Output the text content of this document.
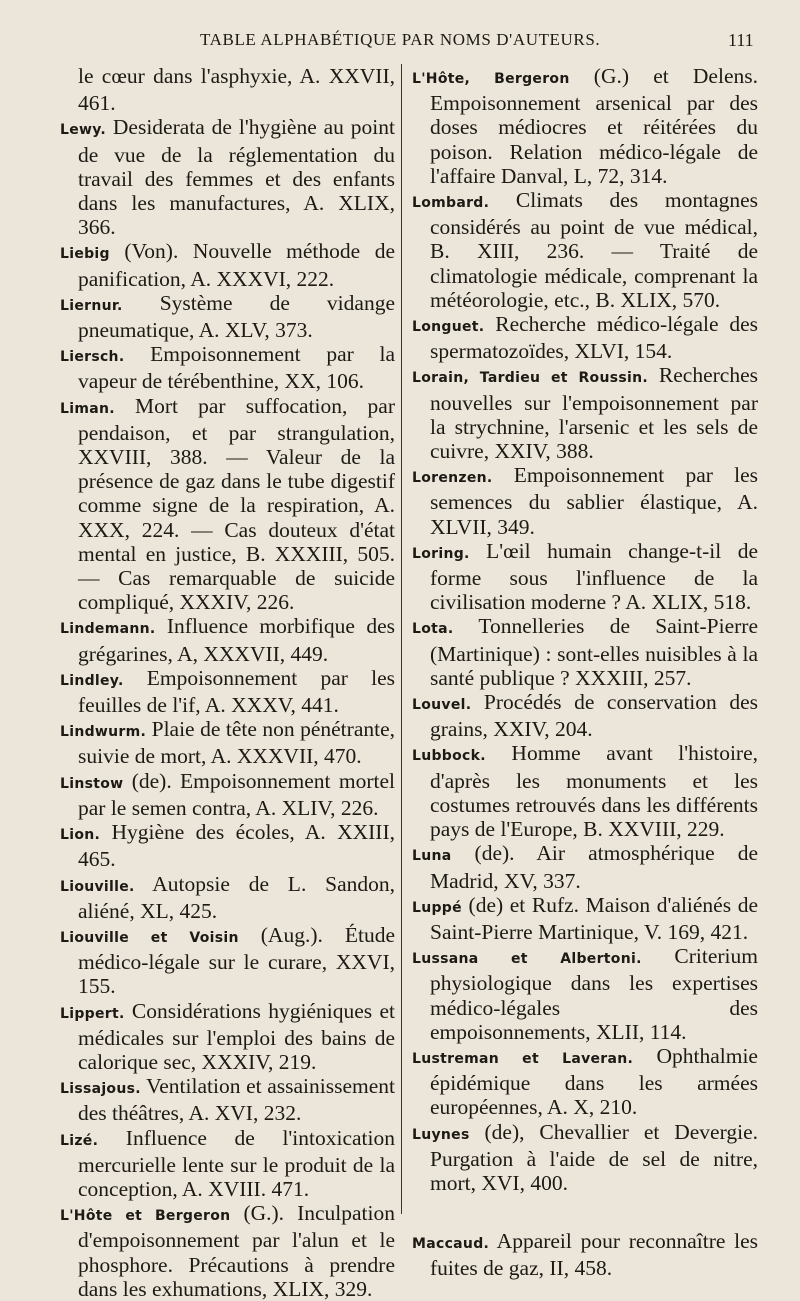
TABLE ALPHABÉTIQUE PAR NOMS D'AUTEURS.	111

le cœur dans l'asphyxie, A. XXVII, 461.

Lewy. Desiderata de l'hygiène au point de vue de la réglementation du travail des femmes et des enfants dans les manufactures, A. XLIX, 366.

Liebig (Von). Nouvelle méthode de panification, A. XXXVI, 222.

Liernur. Système de vidange pneumatique, A. XLV, 373.

Liersch. Empoisonnement par la vapeur de térébenthine, XX, 106.

Liman. Mort par suffocation, par pendaison, et par strangulation, XXVIII, 388. — Valeur de la présence de gaz dans le tube digestif comme signe de la respiration, A. XXX, 224. — Cas douteux d'état mental en justice, B. XXXIII, 505. — Cas remarquable de suicide compliqué, XXXIV, 226.

Lindemann. Influence morbifique des grégarines, A, XXXVII, 449.

Lindley. Empoisonnement par les feuilles de l'if, A. XXXV, 441.

Lindwurm. Plaie de tête non pénétrante, suivie de mort, A. XXXVII, 470.

Linstow (de). Empoisonnement mortel par le semen contra, A. XLIV, 226.

Lion. Hygiène des écoles, A. XXIII, 465.

Liouville. Autopsie de L. Sandon, aliéné, XL, 425.

Liouville et Voisin (Aug.). Étude médico-légale sur le curare, XXVI, 155.

Lippert. Considérations hygiéniques et médicales sur l'emploi des bains de calorique sec, XXXIV, 219.

Lissajous. Ventilation et assainissement des théâtres, A. XVI, 232.

Lizé. Influence de l'intoxication mercurielle lente sur le produit de la conception, A. XVIII. 471.

L'Hôte et Bergeron (G.). Inculpation d'empoisonnement par l'alun et le phosphore. Précautions à prendre dans les exhumations, XLIX, 329.

L'Hôte, Bergeron (G.) et Delens. Empoisonnement arsenical par des doses médiocres et réitérées du poison. Relation médico-légale de l'affaire Danval, L, 72, 314.

Lombard. Climats des montagnes considérés au point de vue médical, B. XIII, 236. — Traité de climatologie médicale, comprenant la météorologie, etc., B. XLIX, 570.

Longuet. Recherche médico-légale des spermatozoïdes, XLVI, 154.

Lorain, Tardieu et Roussin. Recherches nouvelles sur l'empoisonnement par la strychnine, l'arsenic et les sels de cuivre, XXIV, 388.

Lorenzen. Empoisonnement par les semences du sablier élastique, A. XLVII, 349.

Loring. L'œil humain change-t-il de forme sous l'influence de la civilisation moderne ? A. XLIX, 518.

Lota. Tonnelleries de Saint-Pierre (Martinique) : sont-elles nuisibles à la santé publique ? XXXIII, 257.

Louvel. Procédés de conservation des grains, XXIV, 204.

Lubbock. Homme avant l'histoire, d'après les monuments et les costumes retrouvés dans les différents pays de l'Europe, B. XXVIII, 229.

Luna (de). Air atmosphérique de Madrid, XV, 337.

Luppé (de) et Rufz. Maison d'aliénés de Saint-Pierre Martinique, V. 169, 421.

Lussana et Albertoni. Criterium physiologique dans les expertises médico-légales des empoisonnements, XLII, 114.

Lustreman et Laveran. Ophthalmie épidémique dans les armées européennes, A. X, 210.

Luynes (de), Chevallier et Devergie. Purgation à l'aide de sel de nitre, mort, XVI, 400.

Maccaud. Appareil pour reconnaître les fuites de gaz, II, 458.
